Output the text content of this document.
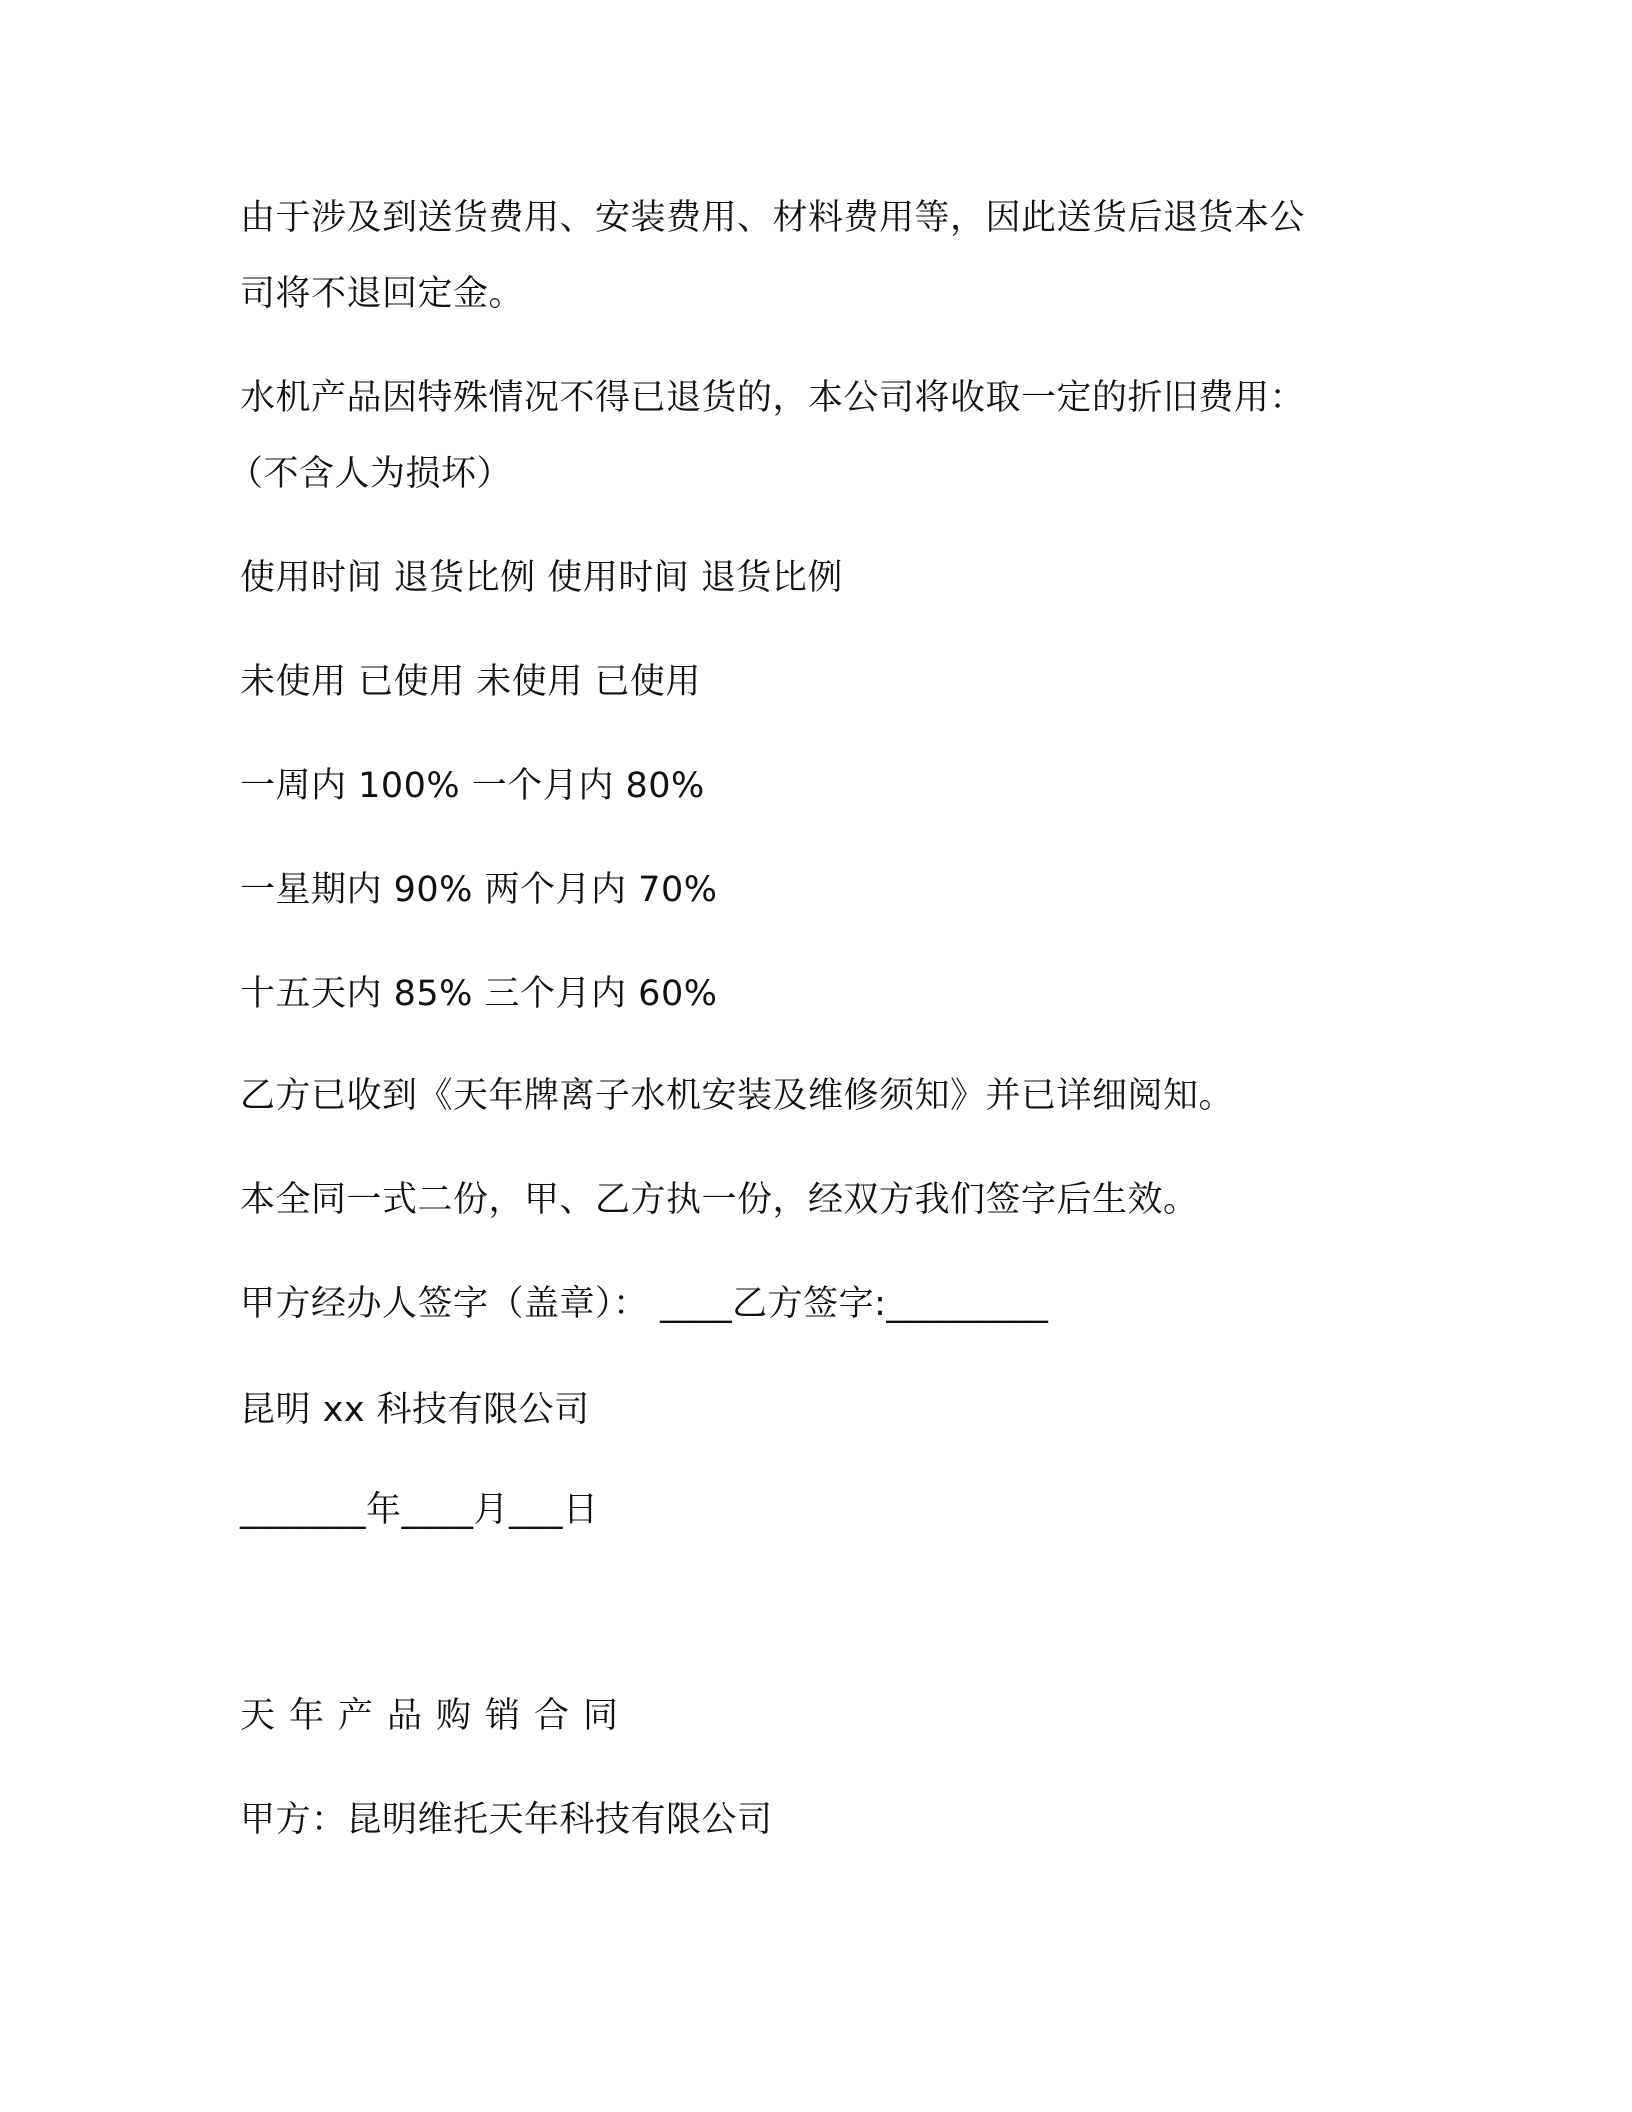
由于涉及到送货费用、安装费用、材料费用等，因此送货后退货本公

司将不退回定金。

水机产品因特殊情况不得已退货的，本公司将收取一定的折旧费用：

（不含人为损坏）

使用时间 退货比例 使用时间 退货比例

未使用 已使用 未使用 已使用

一周内 100% 一个月内 80%

一星期内 90% 两个月内 70%

十五天内 85% 三个月内 60%

乙方已收到《天年牌离子水机安装及维修须知》并已详细阅知。

本全同一式二份，甲、乙方执一份，经双方我们签字后生效。

甲方经办人签字（盖章）： ____乙方签字:_________

昆明 xx 科技有限公司

_______年____月___日

天年产品购销合同

甲方：昆明维托天年科技有限公司
